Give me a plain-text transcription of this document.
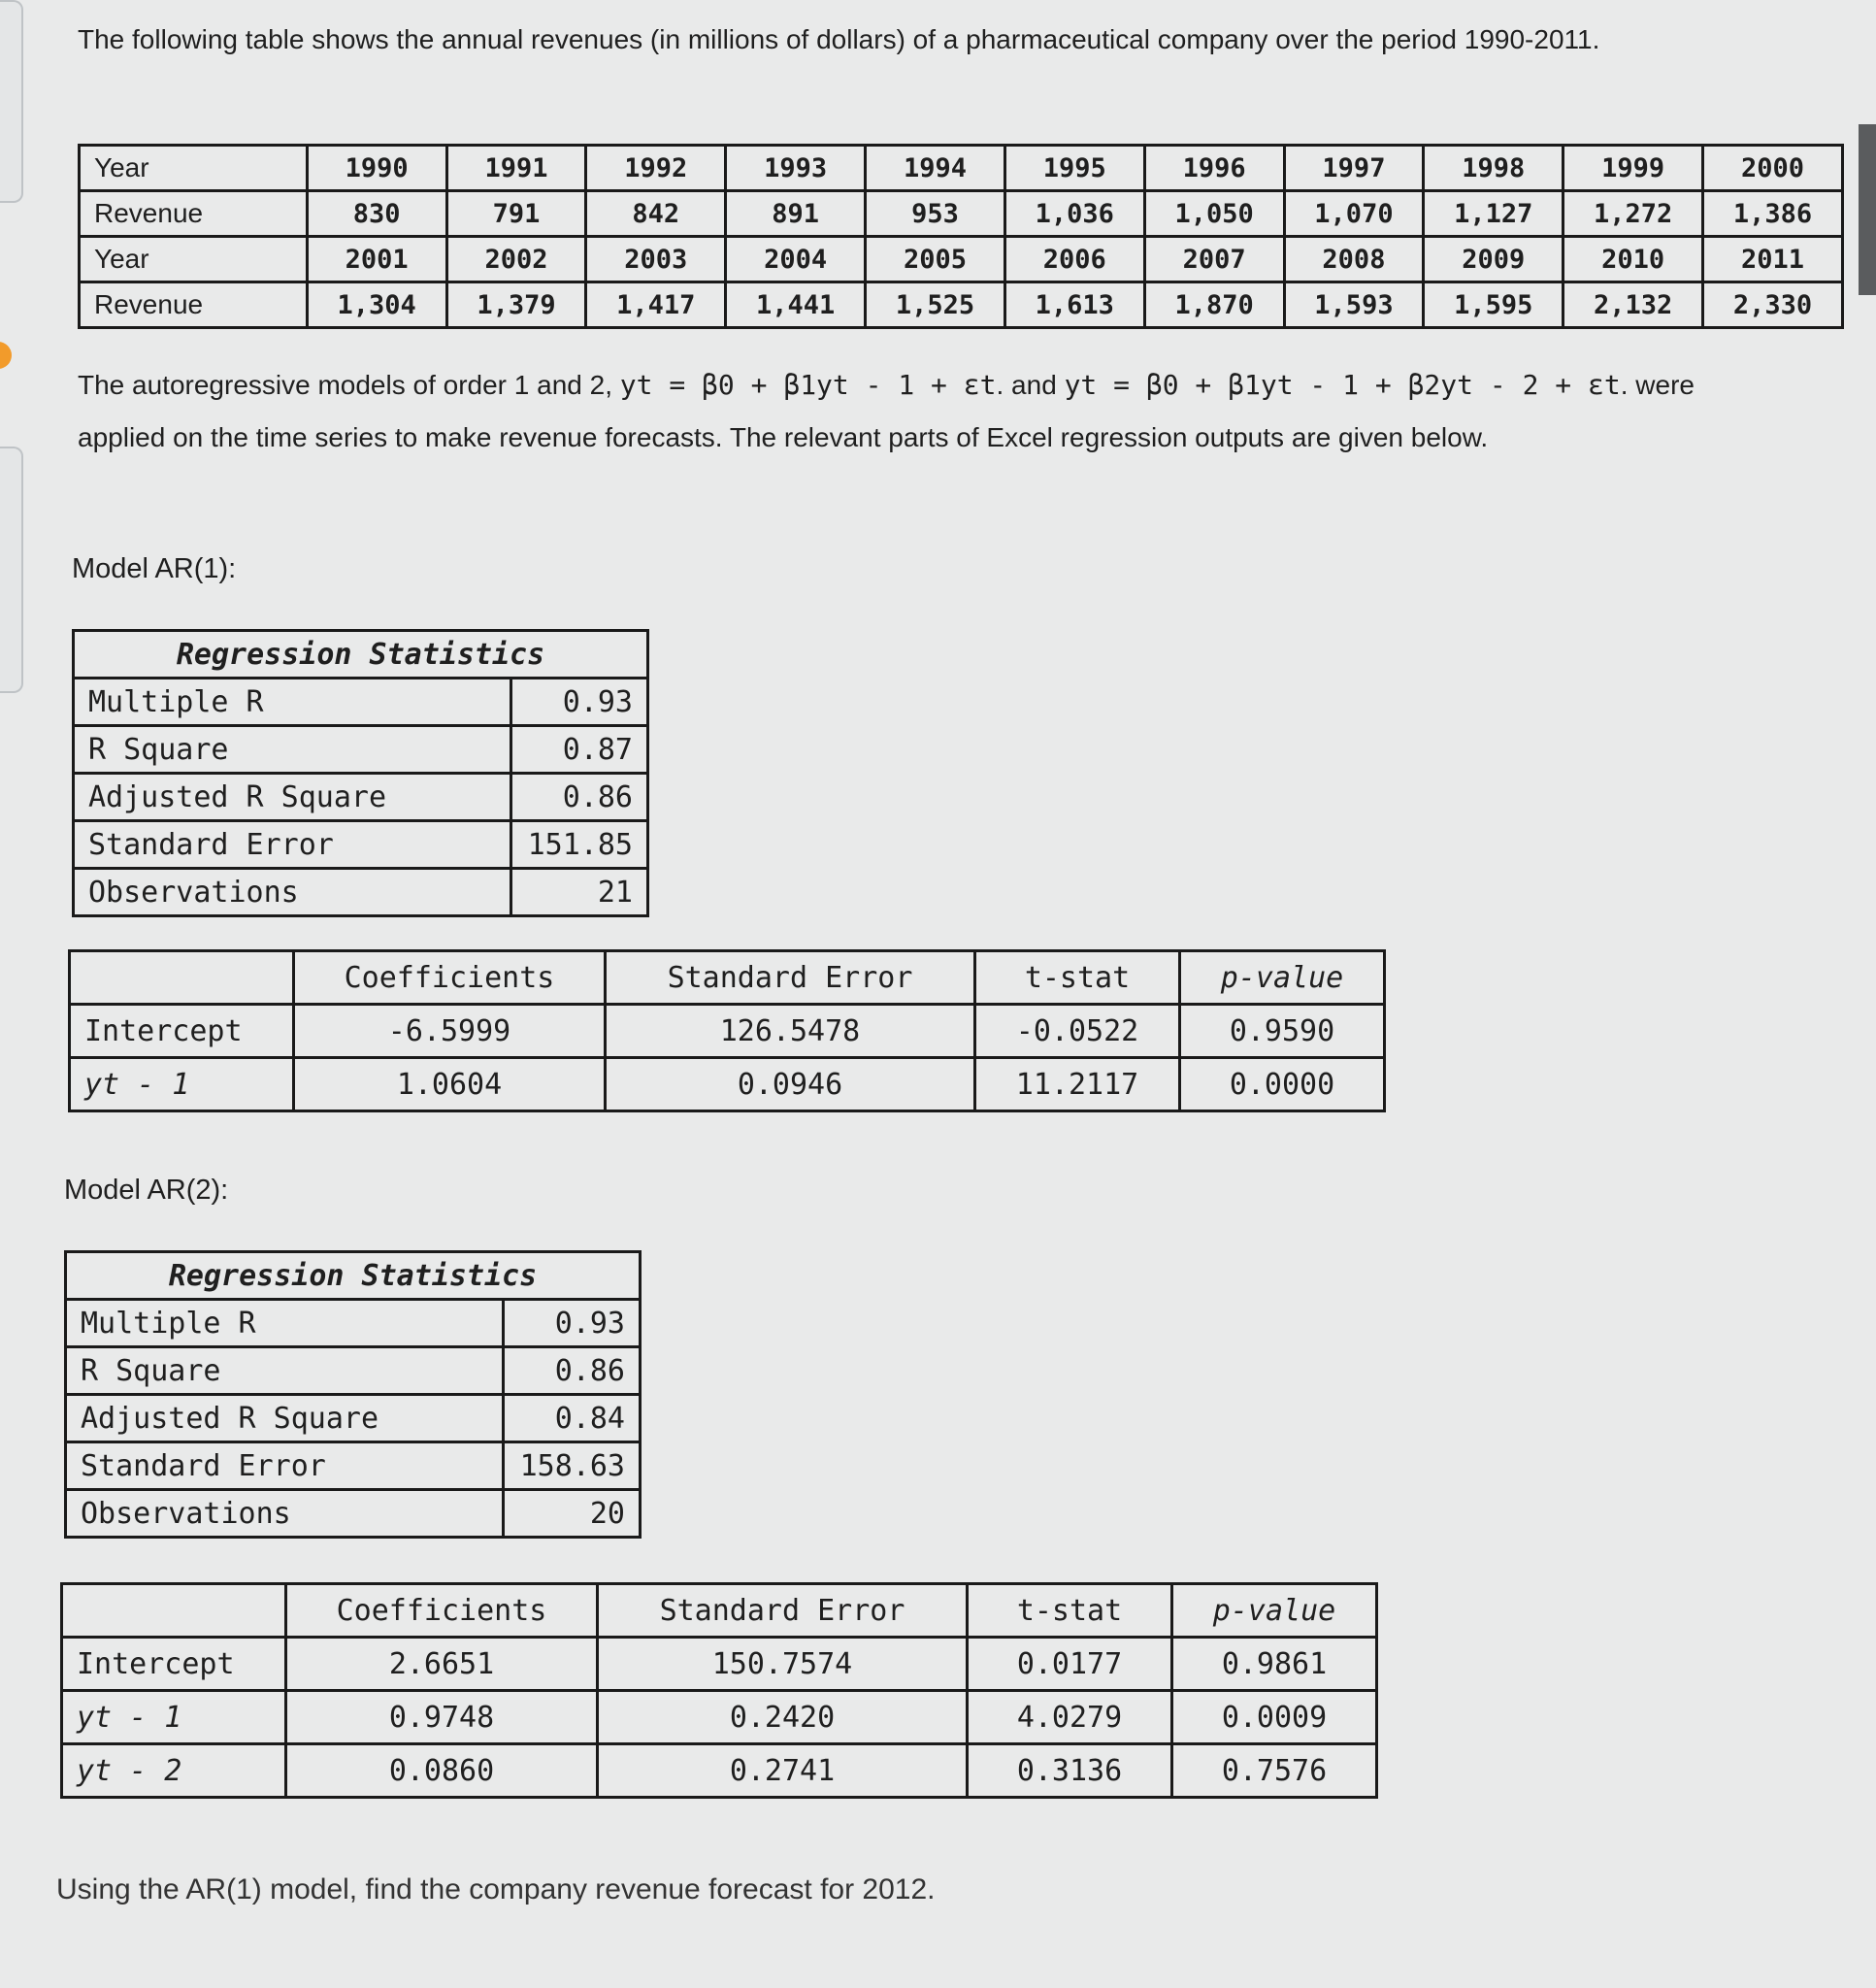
The following table shows the annual revenues (in millions of dollars) of a pharmaceutical company over the period 1990-2011.
Year	1990	1991	1992	1993	1994	1995	1996	1997	1998	1999	2000
Revenue	830	791	842	891	953	1,036	1,050	1,070	1,127	1,272	1,386
Year	2001	2002	2003	2004	2005	2006	2007	2008	2009	2010	2011
Revenue	1,304	1,379	1,417	1,441	1,525	1,613	1,870	1,593	1,595	2,132	2,330
The autoregressive models of order 1 and 2, yt = β0 + β1yt - 1 + εt. and yt = β0 + β1yt - 1 + β2yt - 2 + εt. were applied on the time series to make revenue forecasts. The relevant parts of Excel regression outputs are given below.
Model AR(1):
Regression Statistics	
Multiple R	0.93
R Square	0.87
Adjusted R Square	0.86
Standard Error	151.85
Observations	21
	Coefficients	Standard Error	t-stat	p-value
Intercept	-6.5999	126.5478	-0.0522	0.9590
yt - 1	1.0604	0.0946	11.2117	0.0000
Model AR(2):
Regression Statistics	
Multiple R	0.93
R Square	0.86
Adjusted R Square	0.84
Standard Error	158.63
Observations	20
	Coefficients	Standard Error	t-stat	p-value
Intercept	2.6651	150.7574	0.0177	0.9861
yt - 1	0.9748	0.2420	4.0279	0.0009
yt - 2	0.0860	0.2741	0.3136	0.7576
Using the AR(1) model, find the company revenue forecast for 2012.
